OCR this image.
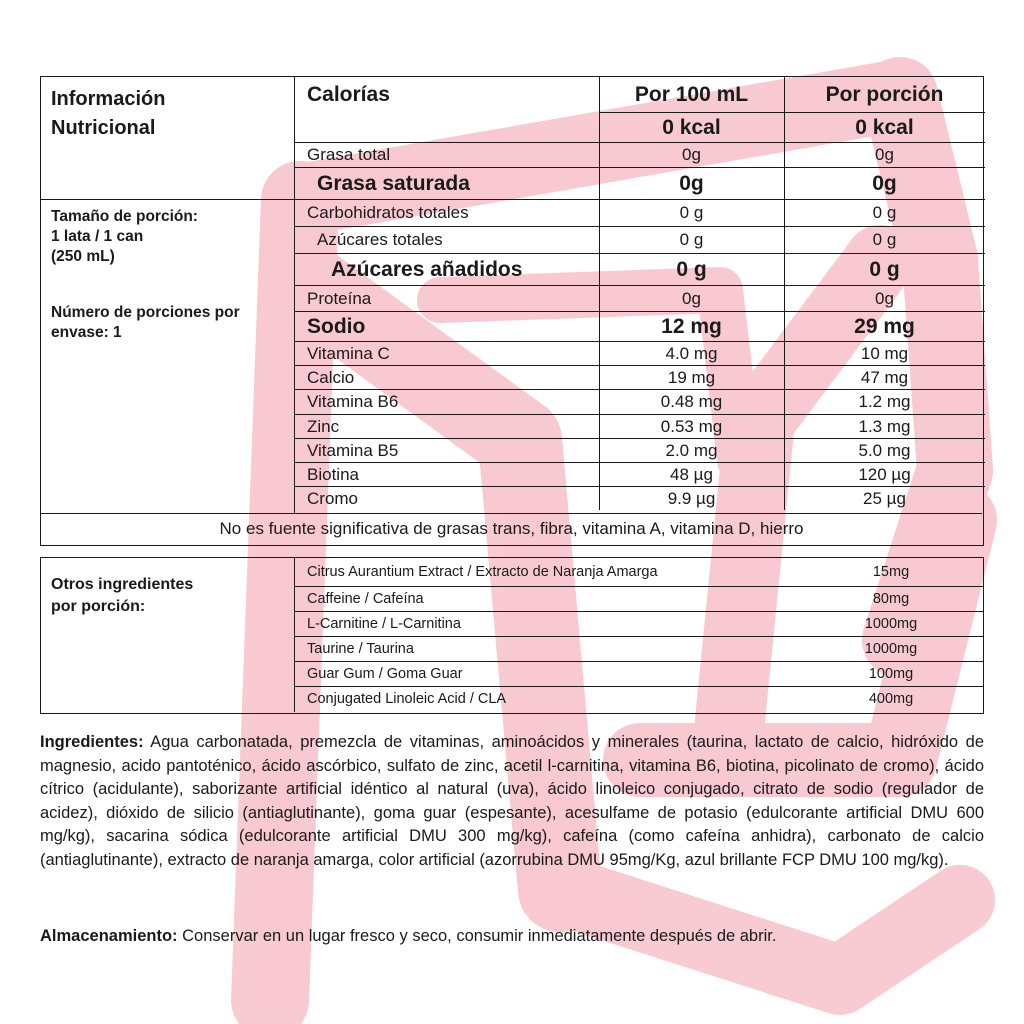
Información
Nutricional
Tamaño de porción:
1 lata / 1 can
(250 mL)
Número de porciones por
envase: 1
Calorías	Por 100 mL	Por porción
	0 kcal	0 kcal
Grasa total	0g	0g
Grasa saturada	0g	0g
Carbohidratos totales	0 g	0 g
Azúcares totales	0 g	0 g
Azúcares añadidos	0 g	0 g
Proteína	0g	0g
Sodio	12 mg	29 mg
Vitamina C	4.0 mg	10 mg
Calcio	19 mg	47 mg
Vitamina B6	0.48 mg	1.2 mg
Zinc	0.53 mg	1.3 mg
Vitamina B5	2.0 mg	5.0 mg
Biotina	48 µg	120 µg
Cromo	9.9 µg	25 µg
No es fuente significativa de grasas trans, fibra, vitamina A, vitamina D, hierro
Otros ingredientes
por porción:
Citrus Aurantium Extract / Extracto de Naranja Amarga	15mg
Caffeine / Cafeína	80mg
L-Carnitine / L-Carnitina	1000mg
Taurine / Taurina	1000mg
Guar Gum / Goma Guar	100mg
Conjugated Linoleic Acid / CLA	400mg

Ingredientes: Agua carbonatada, premezcla de vitaminas, aminoácidos y minerales (taurina, lactato de calcio, hidróxido de magnesio, acido pantoténico, ácido ascórbico, sulfato de zinc, acetil l-carnitina, vitamina B6, biotina, picolinato de cromo), ácido cítrico (acidulante), saborizante artificial idéntico al natural (uva), ácido linoleico conjugado, citrato de sodio (regulador de acidez), dióxido de silicio (antiaglutinante), goma guar (espesante), acesulfame de potasio (edulcorante artificial DMU 600 mg/kg), sacarina sódica (edulcorante artificial DMU 300 mg/kg), cafeína (como cafeína anhidra), carbonato de calcio (antiaglutinante), extracto de naranja amarga, color artificial (azorrubina DMU 95mg/Kg, azul brillante FCP DMU 100 mg/kg).

Almacenamiento: Conservar en un lugar fresco y seco, consumir inmediatamente después de abrir.
